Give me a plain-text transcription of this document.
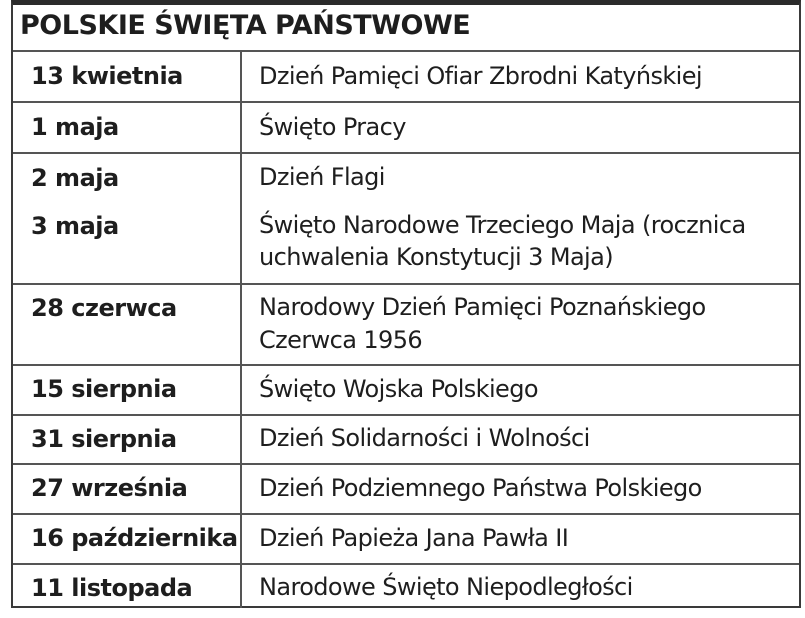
POLSKIE ŚWIĘTA PAŃSTWOWE
13 kwietnia	Dzień Pamięci Ofiar Zbrodni Katyńskiej
1 maja	Święto Pracy
2 maja	Dzień Flagi
3 maja	Święto Narodowe Trzeciego Maja (rocznica
uchwalenia Konstytucji 3 Maja)
28 czerwca	Narodowy Dzień Pamięci Poznańskiego
Czerwca 1956
15 sierpnia	Święto Wojska Polskiego
31 sierpnia	Dzień Solidarności i Wolności
27 września	Dzień Podziemnego Państwa Polskiego
16 października Dzień Papieża Jana Pawła II
11 listopada	Narodowe Święto Niepodległości
